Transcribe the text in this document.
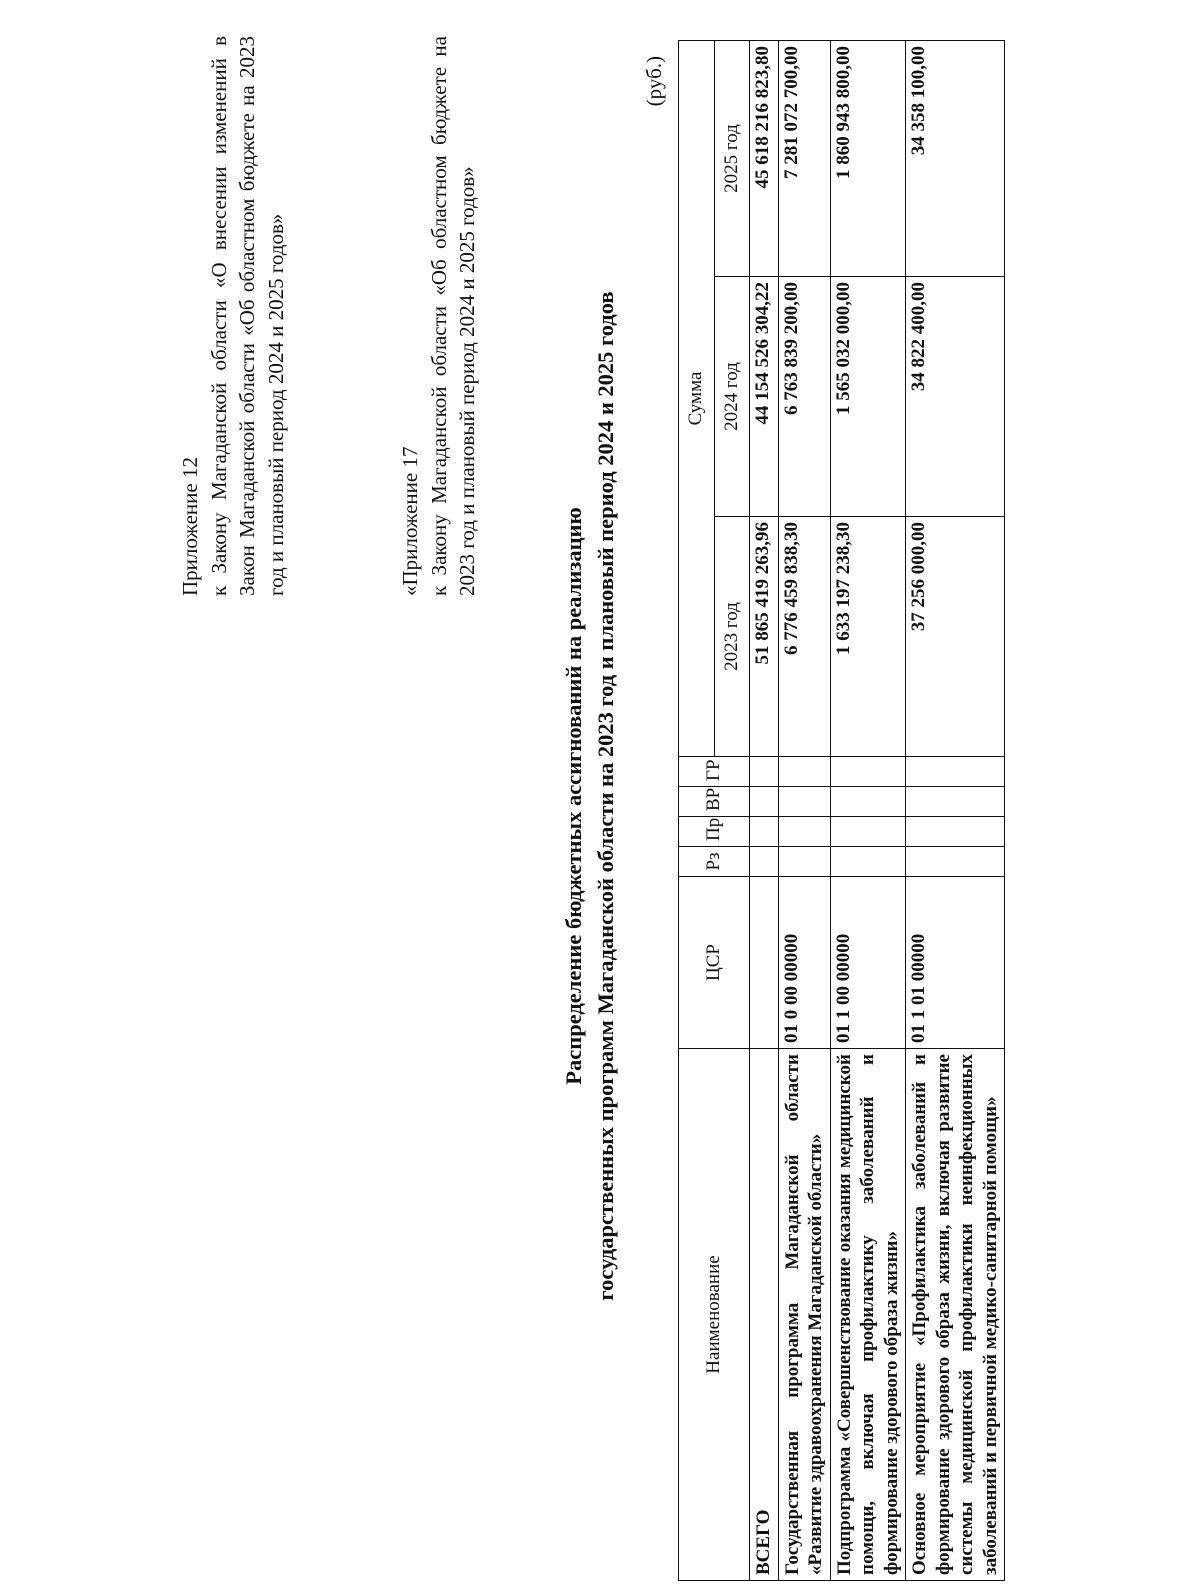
Приложение 12 к Закону Магаданской области «О внесении изменений в Закон Магаданской области «Об областном бюджете на 2023 год и плановый период 2024 и 2025 годов»	«Приложение 17 к Закону Магаданской области «Об областном бюджете на 2023 год и плановый период 2024 и 2025 годов»

Распределение бюджетных ассигнований на реализацию государственных программ Магаданской области на 2023 год и плановый период 2024 и 2025 годов
(руб.)
Наименование	ЦСР	Рз	Пр	ВР	ГР	Сумма		
						2023 год	2024 год	2025 год
ВСЕГО						51 865 419 263,96	44 154 526 304,22	45 618 216 823,80
Государственная программа Магаданской области «Развитие здравоохранения Магаданской области»	01 0 00 00000					6 776 459 838,30	6 763 839 200,00	7 281 072 700,00
Подпрограмма «Совершенствование оказания медицинской помощи, включая профилактику заболеваний и формирование здорового образа жизни»	01 1 00 00000					1 633 197 238,30	1 565 032 000,00	1 860 943 800,00
Основное мероприятие «Профилактика заболеваний и формирование здорового образа жизни, включая развитие системы медицинской профилактики неинфекционных заболеваний и первичной медико-санитарной помощи»	01 1 01 00000					37 256 000,00	34 822 400,00	34 358 100,00
